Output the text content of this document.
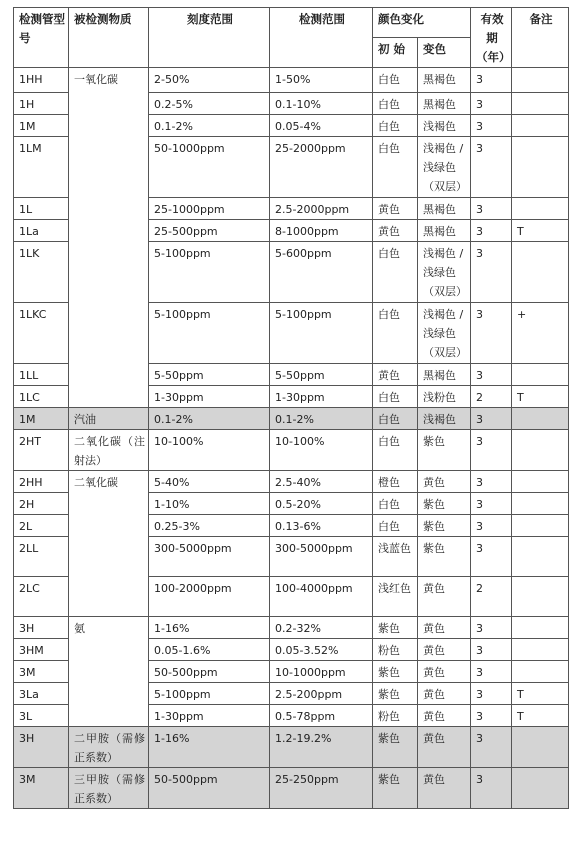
检测管型号	被检测物质	刻度范围	检测范围	颜色变化		有效期（年）	备注
				初 始	变色		
1HH	一氧化碳	2-50%	1-50%	白色	黑褐色	3	
1H		0.2-5%	0.1-10%	白色	黑褐色	3	
1M		0.1-2%	0.05-4%	白色	浅褐色	3	
1LM		50-1000ppm	25-2000ppm	白色	浅褐色 / 浅绿色（双层）	3	
1L		25-1000ppm	2.5-2000ppm	黄色	黑褐色	3	
1La		25-500ppm	8-1000ppm	黄色	黑褐色	3	T
1LK		5-100ppm	5-600ppm	白色	浅褐色 / 浅绿色（双层）	3	
1LKC		5-100ppm	5-100ppm	白色	浅褐色 / 浅绿色（双层）	3	+
1LL		5-50ppm	5-50ppm	黄色	黑褐色	3	
1LC		1-30ppm	1-30ppm	白色	浅粉色	2	T
1M	汽油	0.1-2%	0.1-2%	白色	浅褐色	3	
2HT	二氧化碳（注射法）	10-100%	10-100%	白色	紫色	3	
2HH	二氧化碳	5-40%	2.5-40%	橙色	黄色	3	
2H		1-10%	0.5-20%	白色	紫色	3	
2L		0.25-3%	0.13-6%	白色	紫色	3	
2LL		300-5000ppm	300-5000ppm	浅蓝色	紫色	3	
2LC		100-2000ppm	100-4000ppm	浅红色	黄色	2	
3H	氨	1-16%	0.2-32%	紫色	黄色	3	
3HM		0.05-1.6%	0.05-3.52%	粉色	黄色	3	
3M		50-500ppm	10-1000ppm	紫色	黄色	3	
3La		5-100ppm	2.5-200ppm	紫色	黄色	3	T
3L		1-30ppm	0.5-78ppm	粉色	黄色	3	T
3H	二甲胺（需修正系数）	1-16%	1.2-19.2%	紫色	黄色	3	
3M	三甲胺（需修正系数）	50-500ppm	25-250ppm	紫色	黄色	3	
